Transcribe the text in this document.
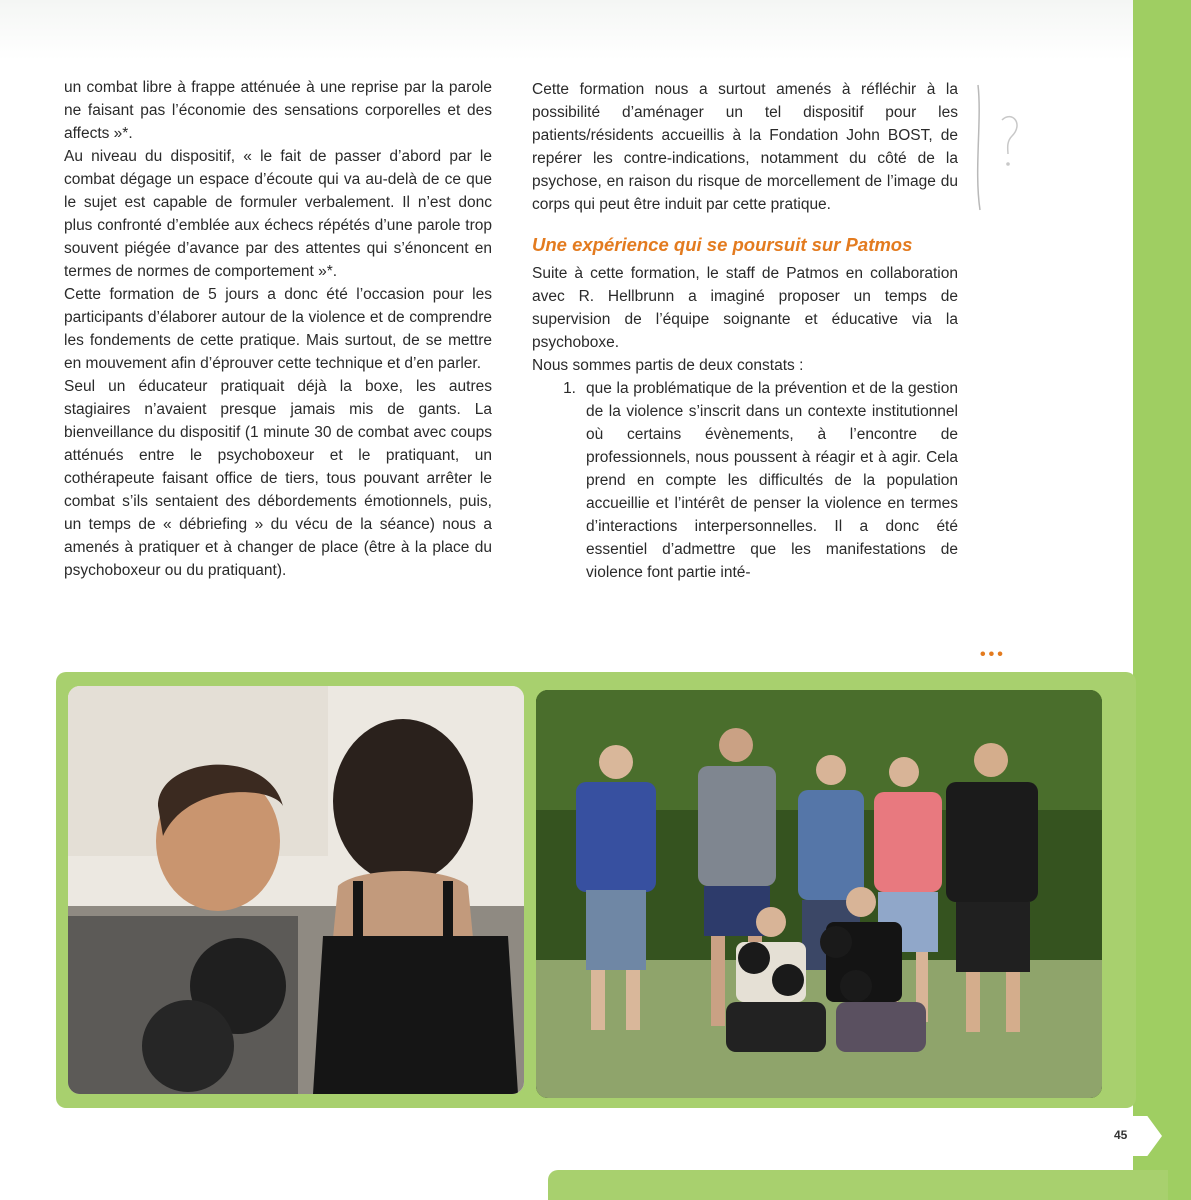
un combat libre à frappe atténuée à une reprise par la parole ne faisant pas l’économie des sensations corporelles et des affects »*.

Au niveau du dispositif, « le fait de passer d’abord par le combat dégage un espace d’écoute qui va au-delà de ce que le sujet est capable de formuler verbalement. Il n’est donc plus confronté d’emblée aux échecs répétés d’une parole trop souvent piégée d’avance par des attentes qui s’énoncent en termes de normes de comportement »*.

Cette formation de 5 jours a donc été l’occasion pour les participants d’élaborer autour de la violence et de comprendre les fondements de cette pratique. Mais surtout, de se mettre en mouvement afin d’éprouver cette technique et d’en parler.

Seul un éducateur pratiquait déjà la boxe, les autres stagiaires n’avaient presque jamais mis de gants. La bienveillance du dispositif (1 minute 30 de combat avec coups atténués entre le psychoboxeur et le pratiquant, un cothérapeute faisant office de tiers, tous pouvant arrêter le combat s’ils sentaient des débordements émotionnels, puis, un temps de « débriefing » du vécu de la séance) nous a amenés à pratiquer et à changer de place (être à la place du psychoboxeur ou du pratiquant).

Cette formation nous a surtout amenés à réfléchir à la possibilité d’aménager un tel dispositif pour les patients/résidents accueillis à la Fondation John BOST, de repérer les contre-indications, notamment du côté de la psychose, en raison du risque de morcellement de l’image du corps qui peut être induit par cette pratique.

Une expérience qui se poursuit sur Patmos

Suite à cette formation, le staff de Patmos en collaboration avec R. Hellbrunn a imaginé proposer un temps de supervision de l’équipe soignante et éducative via la psychoboxe.

Nous sommes partis de deux constats :

1. que la problématique de la prévention et de la gestion de la violence s’inscrit dans un contexte institutionnel où certains évènements, à l’encontre de professionnels, nous poussent à réagir et à agir. Cela prend en compte les difficultés de la population accueillie et l’intérêt de penser la violence en termes d’interactions interpersonnelles. Il a donc été essentiel d’admettre que les manifestations de violence font partie inté-
•••
45
